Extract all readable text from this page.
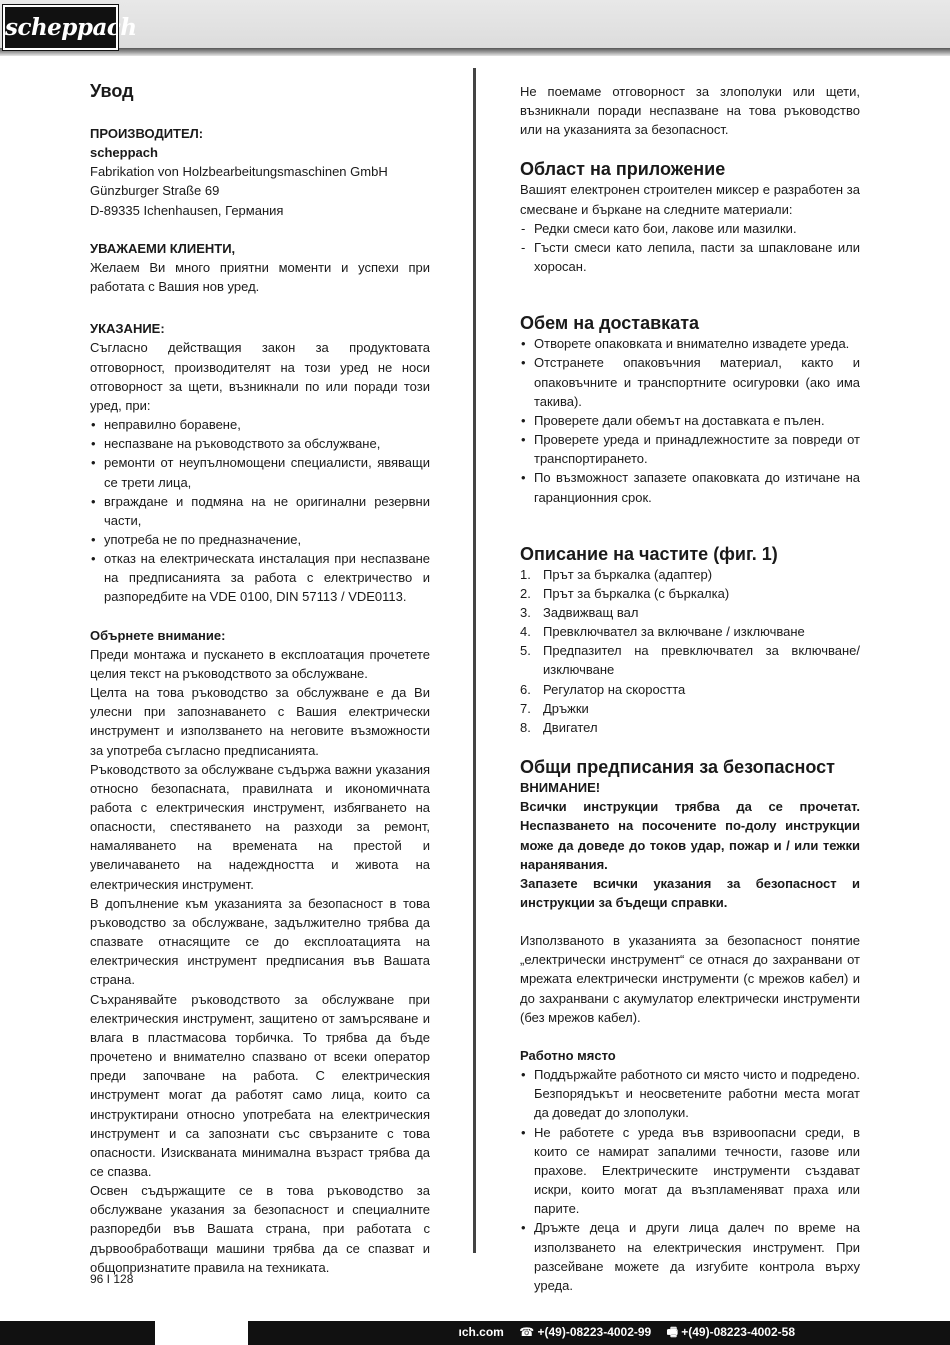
scheppach
Увод
ПРОИЗВОДИТЕЛ:
scheppach
Fabrikation von Holzbearbeitungsmaschinen GmbH
Günzburger Straße 69
D-89335 Ichenhausen, Германия
УВАЖАЕМИ КЛИЕНТИ,

Желаем Ви много приятни моменти и успехи при работата с Вашия нов уред.

УКАЗАНИЕ:

Съгласно действащия закон за продуктовата отговорност, производителят на този уред не носи отговорност за щети, възникнали по или поради този уред, при:

• неправилно боравене,
• неспазване на ръководството за обслужване,
• ремонти от неупълномощени специалисти, явяващи се трети лица,
• вграждане и подмяна на не оригинални резервни части,
• употреба не по предназначение,
• отказ на електрическата инсталация при неспазване на предписанията за работа с електричество и разпоредбите на VDE 0100, DIN 57113 / VDE0113.
Обърнете внимание:

Преди монтажа и пускането в експлоатация прочетете целия текст на ръководството за обслужване.

Целта на това ръководство за обслужване е да Ви улесни при запознаването с Вашия електрически инструмент и използването на неговите възможности за употреба съгласно предписанията.

Ръководството за обслужване съдържа важни указания относно безопасната, правилната и икономичната работа с електрическия инструмент, избягването на опасности, спестяването на разходи за ремонт, намаляването на времената на престой и увеличаването на надеждността и живота на електрическия инструмент.

В допълнение към указанията за безопасност в това ръководство за обслужване, задължително трябва да спазвате отнасящите се до експлоатацията на електрическия инструмент предписания във Вашата страна.

Съхранявайте ръководството за обслужване при електрическия инструмент, защитено от замърсяване и влага в пластмасова торбичка. То трябва да бъде прочетено и внимателно спазвано от всеки оператор преди започване на работа. С електрическия инструмент могат да работят само лица, които са инструктирани относно употребата на електрическия инструмент и са запознати със свързаните с това опасности. Изискваната минимална възраст трябва да се спазва.

Освен съдържащите се в това ръководство за обслужване указания за безопасност и специалните разпоредби във Вашата страна, при работата с дървообработващи машини трябва да се спазват и общопризнатите правила на техниката.

Не поемаме отговорност за злополуки или щети, възникнали поради неспазване на това ръководство или на указанията за безопасност.

Област на приложение

Вашият електронен строителен миксер е разработен за смесване и бъркане на следните материали:

- Редки смеси като бои, лакове или мазилки.
- Гъсти смеси като лепила, пасти за шпакловане или хоросан.
Обем на доставката
• Отворете опаковката и внимателно извадете уреда.
• Отстранете опаковъчния материал, както и опаковъчните и транспортните осигуровки (ако има такива).
• Проверете дали обемът на доставката е пълен.
• Проверете уреда и принадлежностите за повреди от транспортирането.
• По възможност запазете опаковката до изтичане на гаранционния срок.
Описание на частите (фиг. 1)
1. Прът за бъркалка (адаптер)
2. Прът за бъркалка (с бъркалка)
3. Задвижващ вал
4. Превключвател за включване / изключване
5. Предпазител на превключвател за включване/изключване
6. Регулатор на скоростта
7. Дръжки
8. Двигател
Общи предписания за безопасност
ВНИМАНИЕ!

Всички инструкции трябва да се прочетат. Неспазването на посочените по-долу инструкции може да доведе до токов удар, пожар и / или тежки наранявания.

Запазете всички указания за безопасност и инструкции за бъдещи справки.

Използваното в указанията за безопасност понятие „електрически инструмент“ се отнася до захранвани от мрежата електрически инструменти (с мрежов кабел) и до захранвани с акумулатор електрически инструменти (без мрежов кабел).

Работно място
• Поддържайте работното си място чисто и подредено. Безпорядъкът и неосветените работни места могат да доведат до злополуки.
• Не работете с уреда във взривоопасни среди, в които се намират запалими течности, газове или прахове. Електрическите инструменти създават искри, които могат да възпламеняват праха или парите.
• Дръжте деца и други лица далеч по време на използването на електрическия инструмент. При разсейване можете да изгубите контрола върху уреда.
96 I 128
ıch.com ☎ +(49)-08223-4002-99 🖷 +(49)-08223-4002-58
